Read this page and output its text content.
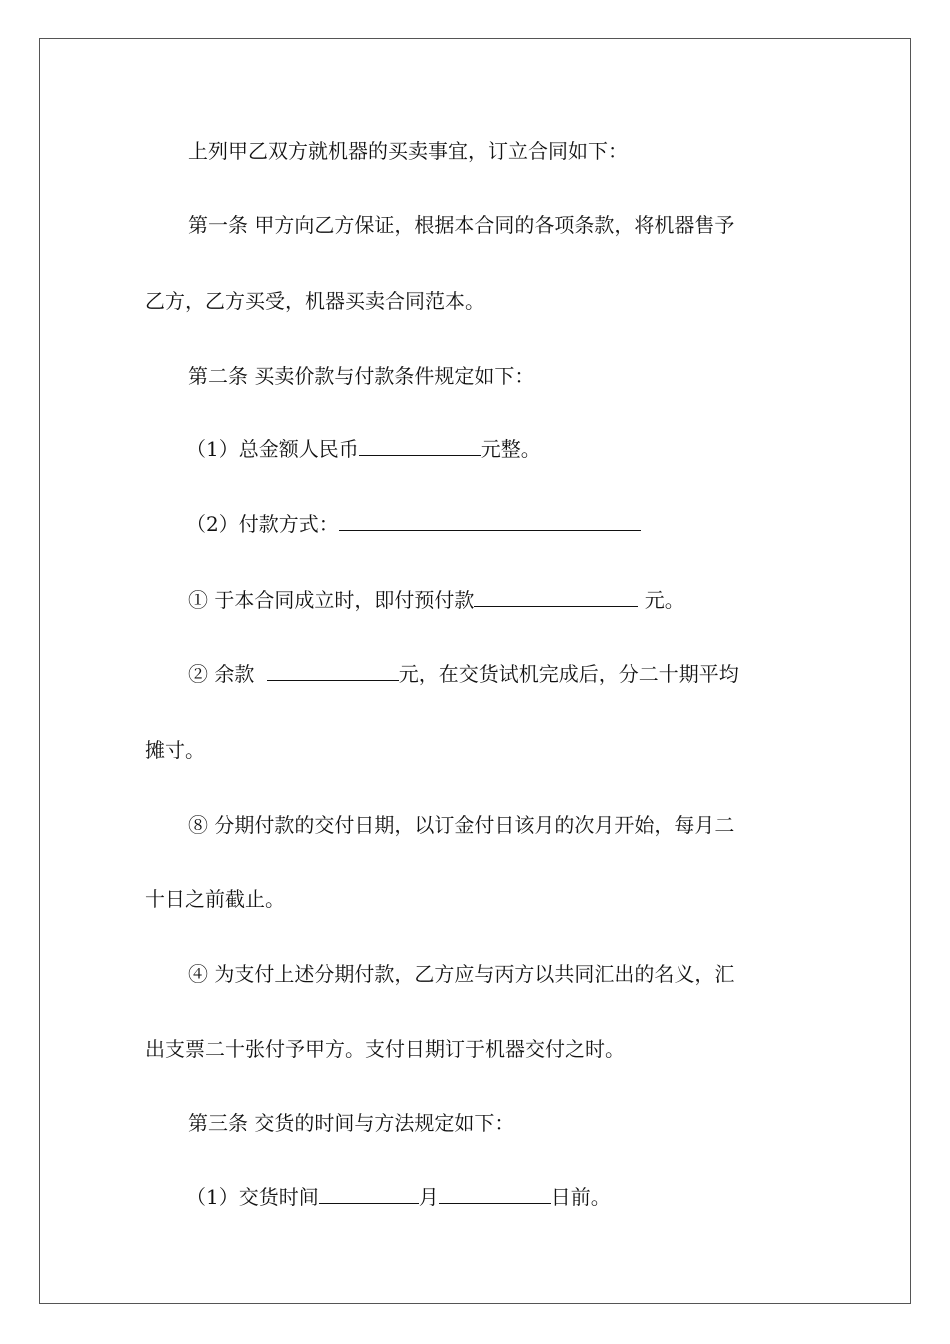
上列甲乙双方就机器的买卖事宜，订立合同如下：
第一条 甲方向乙方保证，根据本合同的各项条款，将机器售予
乙方，乙方买受，机器买卖合同范本。
第二条 买卖价款与付款条件规定如下：
（1）总金额人民币	元整。
（2）付款方式：
① 于本合同成立时，即付预付款	元。
② 余款	元，在交货试机完成后，分二十期平均
摊寸。
⑧ 分期付款的交付日期，以订金付日该月的次月开始，每月二
十日之前截止。
④ 为支付上述分期付款，乙方应与丙方以共同汇出的名义，汇
出支票二十张付予甲方。支付日期订于机器交付之时。
第三条 交货的时间与方法规定如下：
（1）交货时间	月	日前。
